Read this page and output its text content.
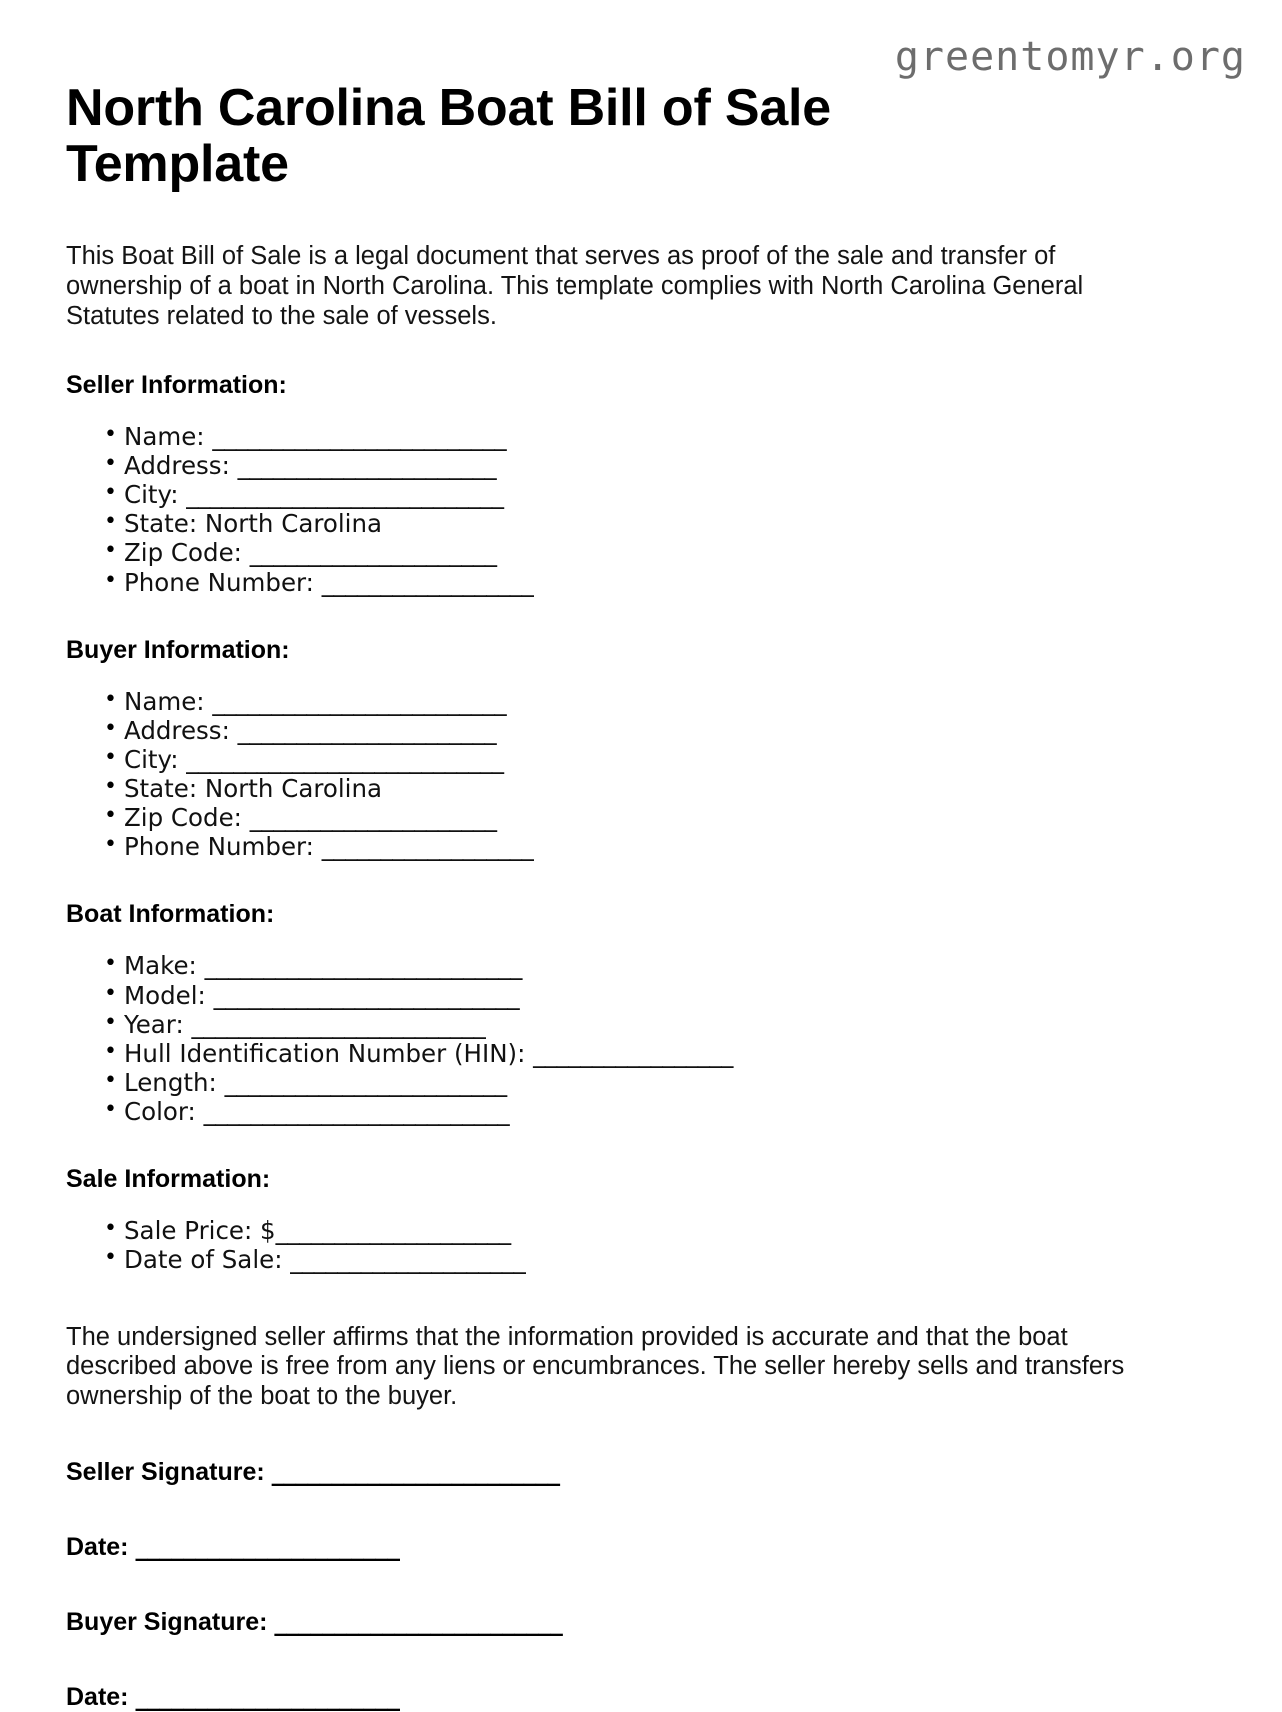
greentomyr.org
North Carolina Boat Bill of Sale Template

This Boat Bill of Sale is a legal document that serves as proof of the sale and transfer of ownership of a boat in North Carolina. This template complies with North Carolina General Statutes related to the sale of vessels.

Seller Information:
• Name: _________________________
• Address: ______________________
• City: ___________________________
• State: North Carolina
• Zip Code: _____________________
• Phone Number: __________________
Buyer Information:
• Name: _________________________
• Address: ______________________
• City: ___________________________
• State: North Carolina
• Zip Code: _____________________
• Phone Number: __________________
Boat Information:
• Make: ___________________________
• Model: __________________________
• Year: _________________________
• Hull Identification Number (HIN): _________________
• Length: ________________________
• Color: __________________________
Sale Information:
• Sale Price: $____________________
• Date of Sale: ____________________

The undersigned seller affirms that the information provided is accurate and that the boat described above is free from any liens or encumbrances. The seller hereby sells and transfers ownership of the boat to the buyer.

Seller Signature: ________________________

Date: ______________________

Buyer Signature: ________________________

Date: ______________________
